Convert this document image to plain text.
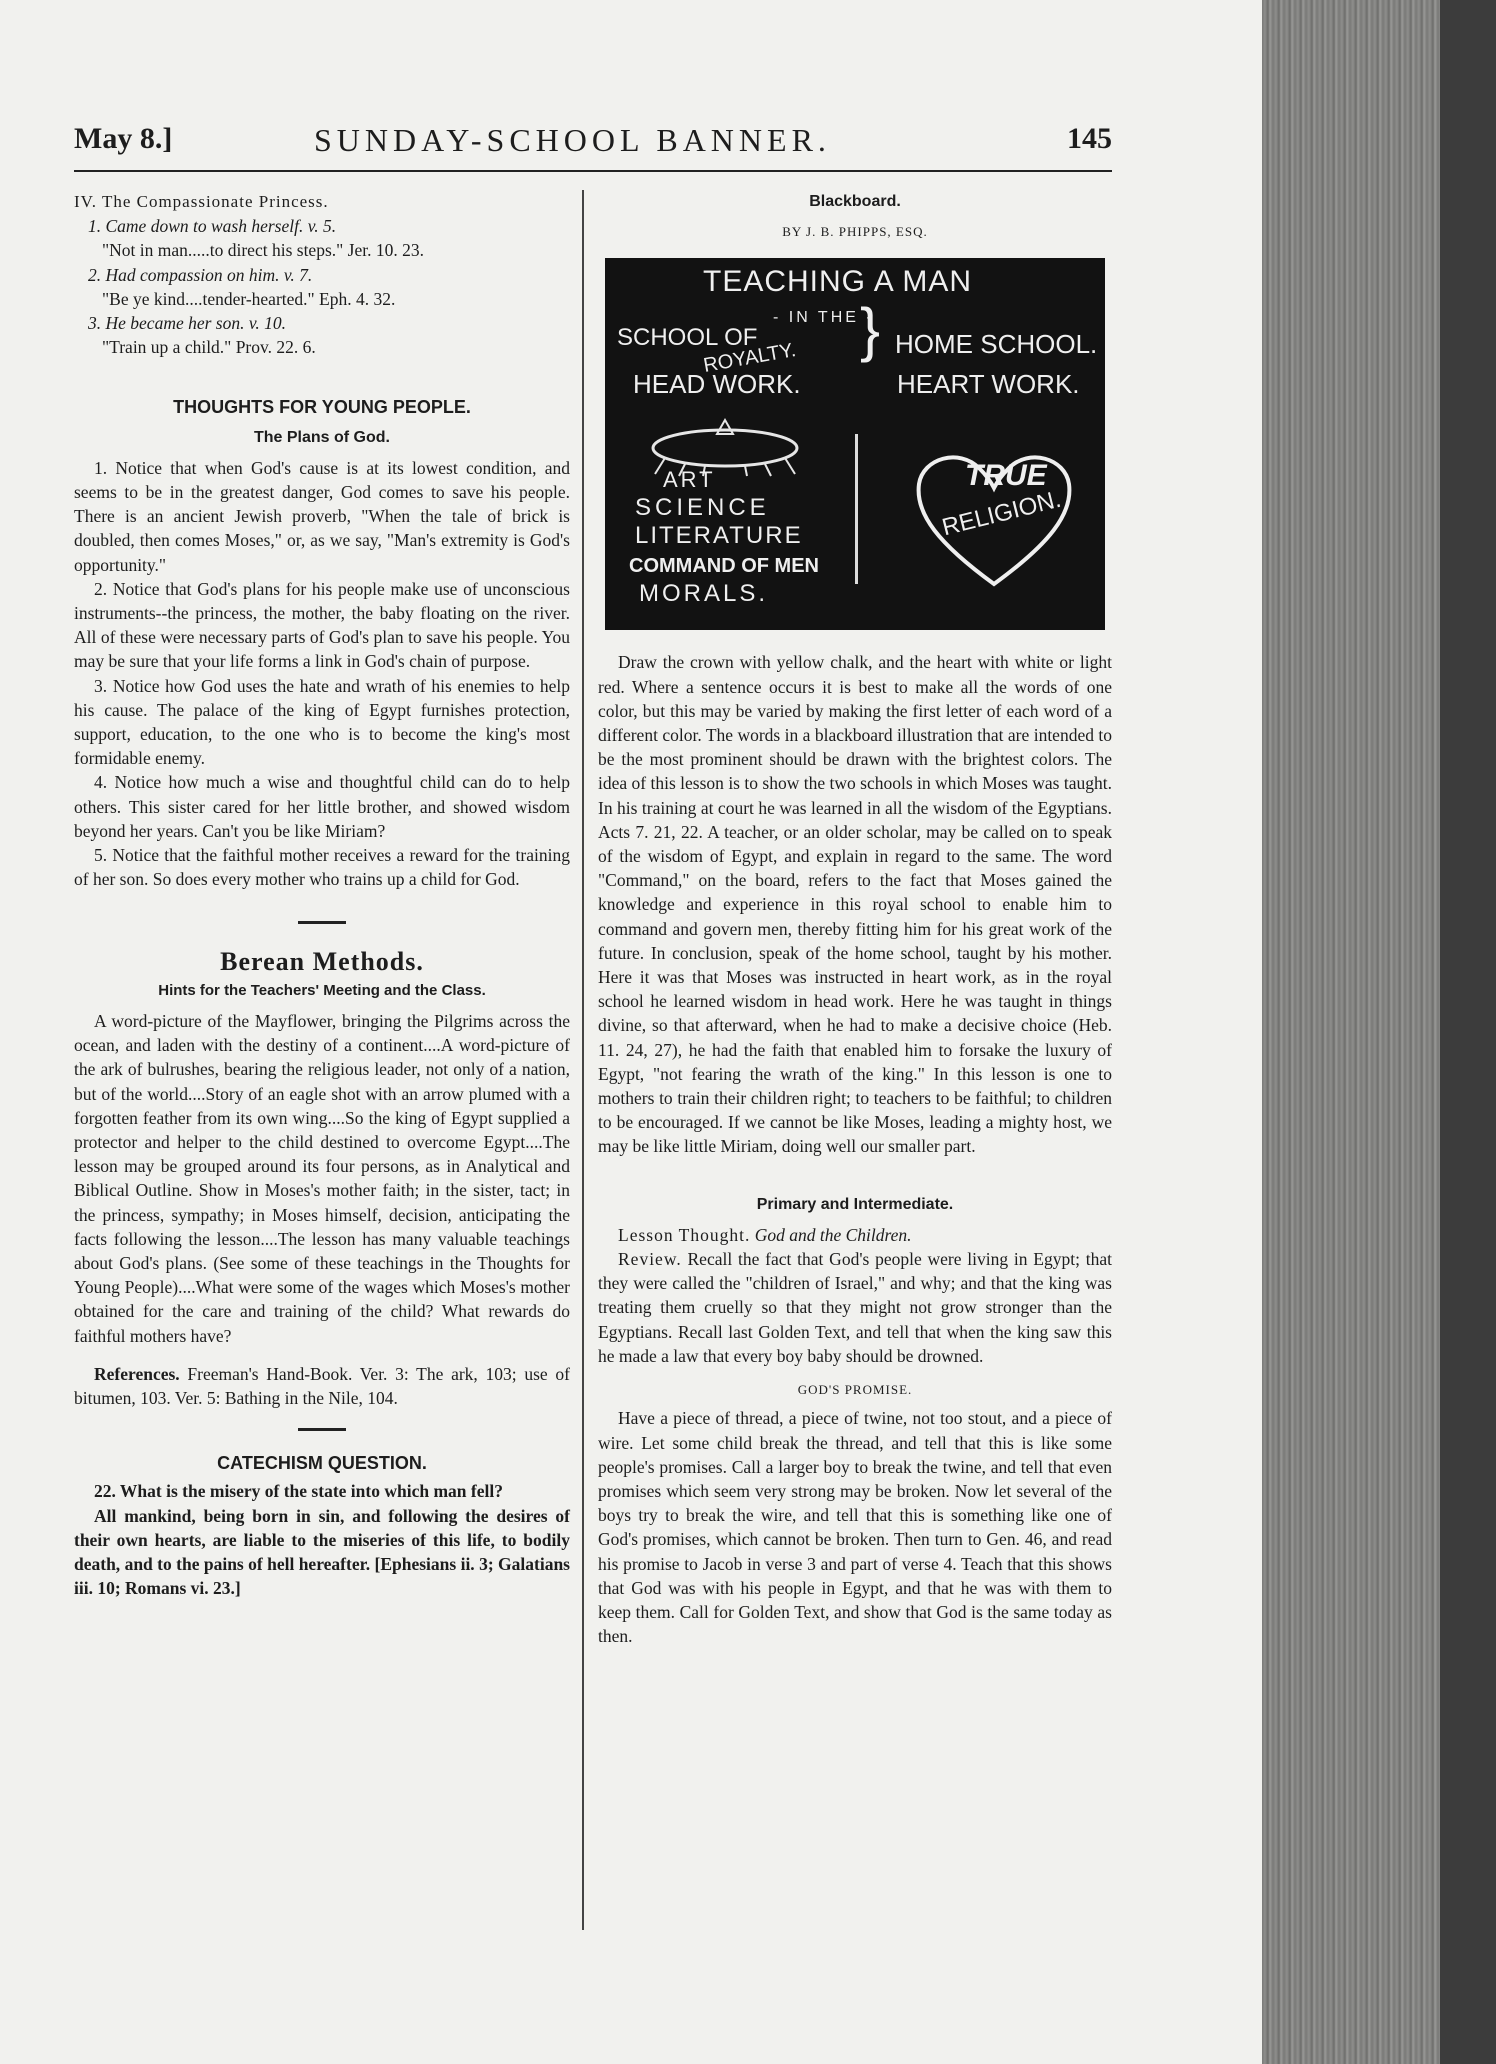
May 8.]	SUNDAY-SCHOOL BANNER.	145

IV. The Compassionate Princess.

1. Came down to wash herself. v. 5.

"Not in man.....to direct his steps." Jer. 10. 23.

2. Had compassion on him. v. 7.

"Be ye kind....tender-hearted." Eph. 4. 32.

3. He became her son. v. 10.

"Train up a child." Prov. 22. 6.

THOUGHTS FOR YOUNG PEOPLE.

The Plans of God.

1. Notice that when God's cause is at its lowest condition, and seems to be in the greatest danger, God comes to save his people. There is an ancient Jewish proverb, "When the tale of brick is doubled, then comes Moses," or, as we say, "Man's extremity is God's opportunity."

2. Notice that God's plans for his people make use of unconscious instruments--the princess, the mother, the baby floating on the river. All of these were necessary parts of God's plan to save his people. You may be sure that your life forms a link in God's chain of purpose.

3. Notice how God uses the hate and wrath of his enemies to help his cause. The palace of the king of Egypt furnishes protection, support, education, to the one who is to become the king's most formidable enemy.

4. Notice how much a wise and thoughtful child can do to help others. This sister cared for her little brother, and showed wisdom beyond her years. Can't you be like Miriam?

5. Notice that the faithful mother receives a reward for the training of her son. So does every mother who trains up a child for God.

Berean Methods.

Hints for the Teachers' Meeting and the Class.

A word-picture of the Mayflower, bringing the Pilgrims across the ocean, and laden with the destiny of a continent....A word-picture of the ark of bulrushes, bearing the religious leader, not only of a nation, but of the world....Story of an eagle shot with an arrow plumed with a forgotten feather from its own wing....So the king of Egypt supplied a protector and helper to the child destined to overcome Egypt....The lesson may be grouped around its four persons, as in Analytical and Biblical Outline. Show in Moses's mother faith; in the sister, tact; in the princess, sympathy; in Moses himself, decision, anticipating the facts following the lesson....The lesson has many valuable teachings about God's plans. (See some of these teachings in the Thoughts for Young People)....What were some of the wages which Moses's mother obtained for the care and training of the child? What rewards do faithful mothers have?

References. Freeman's Hand-Book. Ver. 3: The ark, 103; use of bitumen, 103. Ver. 5: Bathing in the Nile, 104.

CATECHISM QUESTION.

22. What is the misery of the state into which man fell?

All mankind, being born in sin, and following the desires of their own hearts, are liable to the miseries of this life, to bodily death, and to the pains of hell hereafter. [Ephesians ii. 3; Galatians iii. 10; Romans vi. 23.]

Blackboard.

BY J. B. PHIPPS, ESQ.

TEACHING A MAN
- IN THE -
SCHOOL OF
ROYALTY. } HOME SCHOOL.
HEAD WORK.	HEART WORK.
ART
SCIENCE
LITERATURE
COMMAND OF MEN
MORALS.
TRUE
RELIGION.

Draw the crown with yellow chalk, and the heart with white or light red. Where a sentence occurs it is best to make all the words of one color, but this may be varied by making the first letter of each word of a different color. The words in a blackboard illustration that are intended to be the most prominent should be drawn with the brightest colors. The idea of this lesson is to show the two schools in which Moses was taught. In his training at court he was learned in all the wisdom of the Egyptians. Acts 7. 21, 22. A teacher, or an older scholar, may be called on to speak of the wisdom of Egypt, and explain in regard to the same. The word "Command," on the board, refers to the fact that Moses gained the knowledge and experience in this royal school to enable him to command and govern men, thereby fitting him for his great work of the future. In conclusion, speak of the home school, taught by his mother. Here it was that Moses was instructed in heart work, as in the royal school he learned wisdom in head work. Here he was taught in things divine, so that afterward, when he had to make a decisive choice (Heb. 11. 24, 27), he had the faith that enabled him to forsake the luxury of Egypt, "not fearing the wrath of the king." In this lesson is one to mothers to train their children right; to teachers to be faithful; to children to be encouraged. If we cannot be like Moses, leading a mighty host, we may be like little Miriam, doing well our smaller part.

Primary and Intermediate.

Lesson Thought. God and the Children.

Review. Recall the fact that God's people were living in Egypt; that they were called the "children of Israel," and why; and that the king was treating them cruelly so that they might not grow stronger than the Egyptians. Recall last Golden Text, and tell that when the king saw this he made a law that every boy baby should be drowned.

GOD'S PROMISE.

Have a piece of thread, a piece of twine, not too stout, and a piece of wire. Let some child break the thread, and tell that this is like some people's promises. Call a larger boy to break the twine, and tell that even promises which seem very strong may be broken. Now let several of the boys try to break the wire, and tell that this is something like one of God's promises, which cannot be broken. Then turn to Gen. 46, and read his promise to Jacob in verse 3 and part of verse 4. Teach that this shows that God was with his people in Egypt, and that he was with them to keep them. Call for Golden Text, and show that God is the same today as then.
